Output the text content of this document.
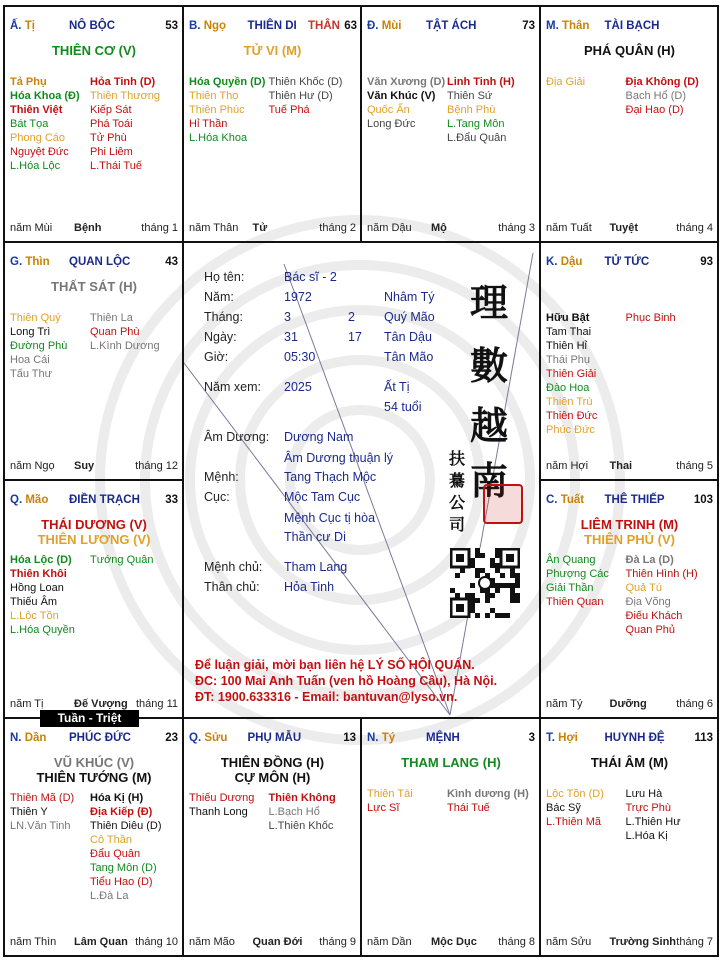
Ấ. Tị	NÔ BỘC	53
THIÊN CƠ (V)
Tả Phụ
Hóa Khoa (Đ)
Thiên Việt
Bát Tọa
Phong Cáo
Nguyệt Đức
L.Hóa Lộc
Hỏa Tinh (D)
Thiên Thương
Kiếp Sát
Phá Toái
Tử Phù
Phi Liêm
L.Thái Tuế
năm Mùi Bệnh	tháng 1
B. Ngọ THIÊN DI THÂN 63
TỬ VI (M)
Hóa Quyền (D)
Thiên Thọ
Thiên Phúc
Hỉ Thần
L.Hóa Khoa
Thiên Khốc (D)
Thiên Hư (D)
Tuế Phá
năm Thân Tử	tháng 2
Đ. Mùi TẬT ÁCH	73
Văn Xương (D)
Văn Khúc (V)
Quốc Ấn
Long Đức
Linh Tinh (H)
Thiên Sứ
Bệnh Phù
L.Tang Môn
L.Đẩu Quân
năm Dậu Mộ	tháng 3
M. Thân TÀI BẠCH
PHÁ QUÂN (H)
Địa Giải	Địa Không (D)
Bạch Hổ (D)
Đại Hao (D)
năm Tuất Tuyệt	tháng 4
G. Thìn QUAN LỘC	43
THẤT SÁT (H)
Thiên Quý
Long Trì
Đường Phù
Hoa Cái
Tấu Thư
Thiên La
Quan Phù
L.Kình Dương
năm Ngọ Suy	tháng 12
K. Dậu TỬ TỨC	93
Hữu Bật
Tam Thai
Thiên Hỉ
Thái Phụ
Thiên Giải
Đào Hoa
Thiên Trù
Thiên Đức
Phúc Đức
Phục Binh
năm Hợi Thai	tháng 5
Q. Mão ĐIỀN TRẠCH 33
THÁI DƯƠNG (V)
THIÊN LƯƠNG (V)
Hóa Lộc (D)
Thiên Khôi
Hồng Loan
Thiếu Âm
L.Lộc Tồn
L.Hóa Quyền
Tướng Quân
năm Tị	Đế Vượng tháng 11
C. Tuất THÊ THIẾP	103
LIÊM TRINH (M)
THIÊN PHỦ (V)
Ân Quang
Phượng Các
Giải Thần
Thiên Quan
Đà La (D)
Thiên Hình (H)
Quả Tú
Địa Võng
Điếu Khách
Quan Phủ
năm Tý Dưỡng	tháng 6
N. Dần PHÚC ĐỨC	23
VŨ KHÚC (V)
THIÊN TƯỚNG (M)
Thiên Mã (D)
Thiên Y
LN.Văn Tinh
Hóa Kị (H)
Địa Kiếp (Đ)
Thiên Diêu (D)
Cô Thần
Đẩu Quân
Tang Môn (D)
Tiểu Hao (D)
L.Đà La
năm Thìn Lâm Quan tháng 10
Q. Sửu PHỤ MẪU	13
THIÊN ĐỒNG (H)
CỰ MÔN (H)
Thiếu Dương
Thanh Long
Thiên Không
L.Bạch Hổ
L.Thiên Khốc
năm Mão Quan Đới tháng 9
N. Tý	MỆNH	3
THAM LANG (H)
Thiên Tài
Lực Sĩ
Kình dương (H)
Thái Tuế
năm Dần Mộc Dục tháng 8
T. Hợi HUYNH ĐỆ	113
THÁI ÂM (M)
Lộc Tồn (D)
Bác Sỹ
L.Thiên Mã
Lưu Hà
Trực Phù
L.Thiên Hư
L.Hóa Kị
năm Sửu Trường Sinh tháng 7
Họ tên:	Bác sĩ - 2
Năm:	1972	Nhâm Tý
Tháng:	3	2 Quý Mão
Ngày:	31	17 Tân Dậu
Giờ:	05:30	Tân Mão
Năm xem: 2025	Ất Tị
54 tuổi
Âm Dương: Dương Nam
Âm Dương thuận lý
Mệnh:	Tang Thạch Mộc
Cục:	Mộc Tam Cục
Mệnh Cục tị hòa
Thần cư Di
Mệnh chủ: Tham Lang
Thân chủ: Hỏa Tinh
理
數
越
南
扶
驀
公
司
Để luận giải, mời bạn liên hệ LÝ SỐ HỘI QUÁN.
ĐC: 100 Mai Anh Tuấn (ven hồ Hoàng Cầu), Hà Nội.
ĐT: 1900.633316 - Email: bantuvan@lyso.vn.
Tuần - Triệt
